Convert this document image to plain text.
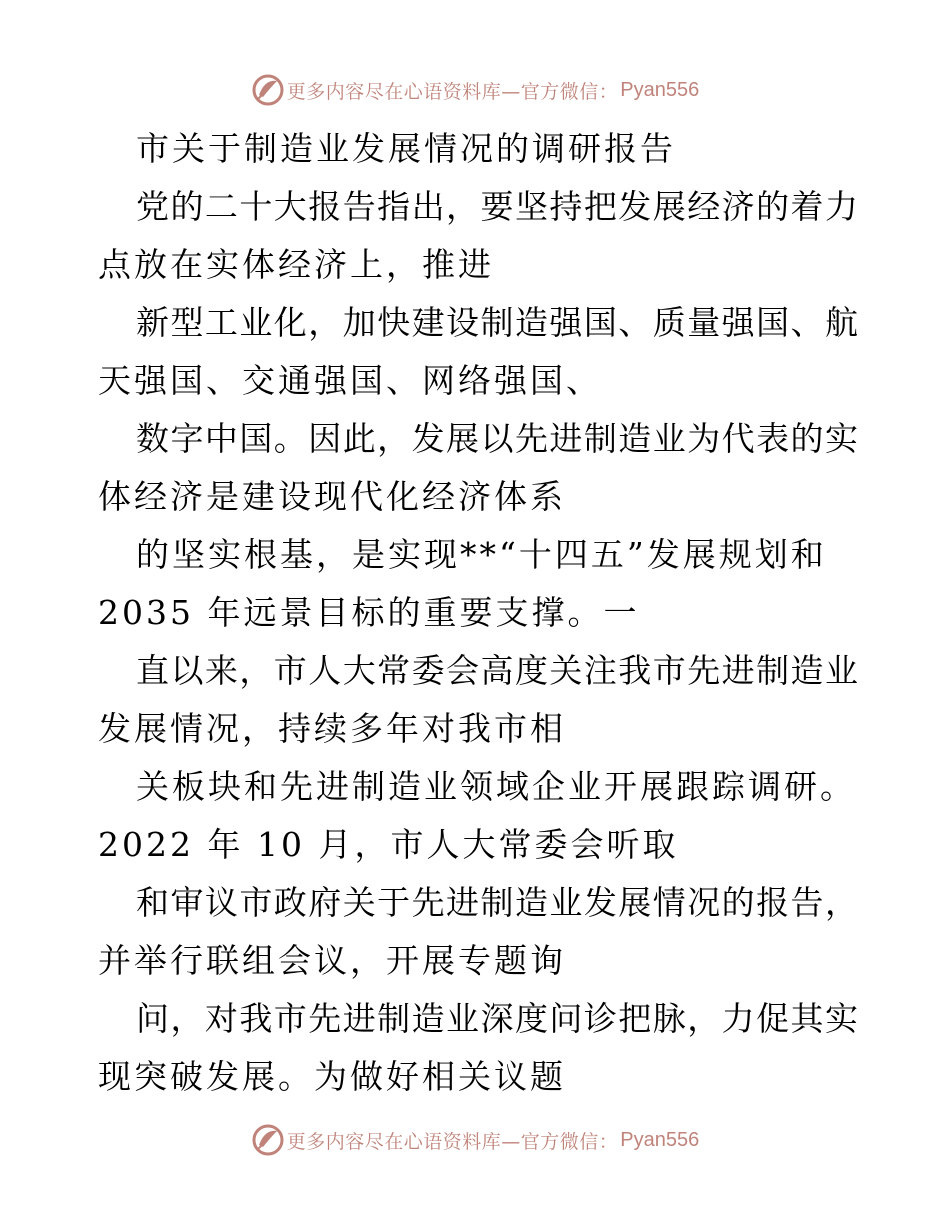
更多内容尽在心语资料库—官方微信： Pyan556
市关于制造业发展情况的调研报告
党的二十大报告指出，要坚持把发展经济的着力
点放在实体经济上，推进
新型工业化，加快建设制造强国、质量强国、航
天强国、交通强国、网络强国、
数字中国。因此，发展以先进制造业为代表的实
体经济是建设现代化经济体系
的坚实根基，是实现**“十四五”发展规划和
2035 年远景目标的重要支撑。一
直以来，市人大常委会高度关注我市先进制造业
发展情况，持续多年对我市相
关板块和先进制造业领域企业开展跟踪调研。
2022 年 10 月，市人大常委会听取
和审议市政府关于先进制造业发展情况的报告，
并举行联组会议，开展专题询
问，对我市先进制造业深度问诊把脉，力促其实
现突破发展。为做好相关议题
更多内容尽在心语资料库—官方微信： Pyan556
